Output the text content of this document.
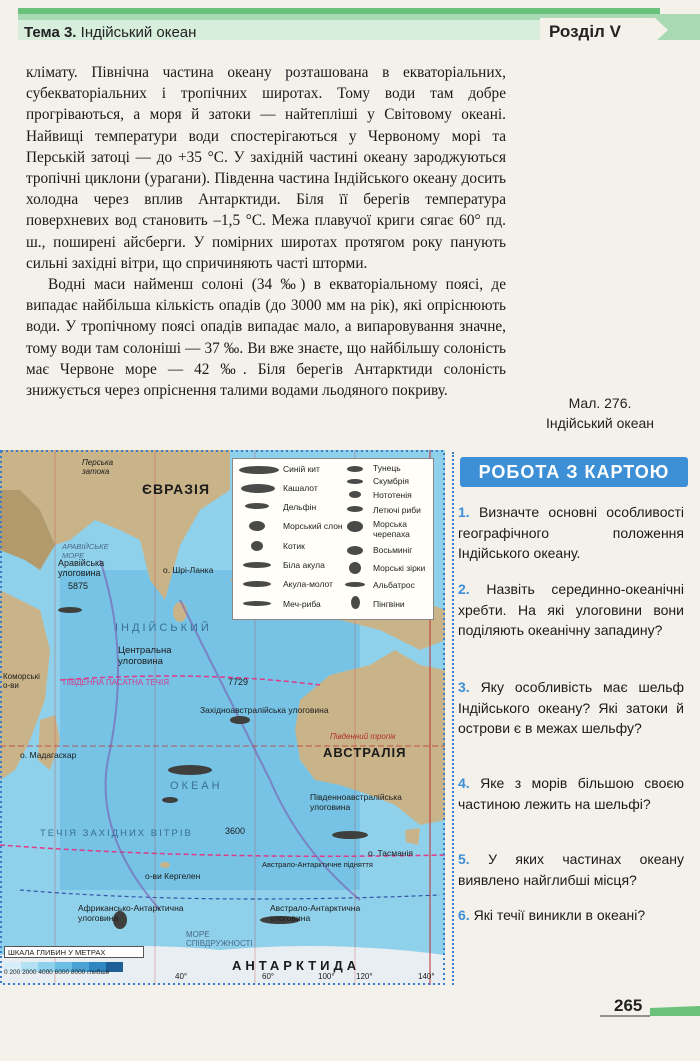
Тема 3. Індійський океан	Розділ V

клімату. Північна частина океану розташована в екваторіальних, субекваторіальних і тропічних широтах. Тому води там добре прогріваються, а моря й затоки — найтепліші у Світовому океані. Найвищі температури води спостерігаються у Червоному морі та Перській затоці — до +35 °С. У західній частині океану зароджуються тропічні циклони (урагани). Південна частина Індійського океану досить холодна через вплив Антарктиди. Біля її берегів температура поверхневих вод становить –1,5 °С. Межа плавучої криги сягає 60° пд. ш., поширені айсберги. У помірних широтах протягом року панують сильні західні вітри, що спричиняють часті шторми.

Водні маси найменш солоні (34 ‰) в екваторіальному поясі, де випадає найбільша кількість опадів (до 3000 мм на рік), які опріснюють води. У тропічному поясі опадів випадає мало, а випаровування значне, тому води там солоніші — 37 ‰. Ви вже знаєте, що найбільшу солоність має Червоне море — 42 ‰. Біля берегів Антарктиди солоність знижується через опріснення талими водами льодяного покриву.

Мал. 276.
Індійський океан
ЄВРАЗІЯ
Перська затока
АРАВІЙСЬКЕ МОРЕ
Аравійська улоговина
5875
о. Шрі-Ланка
Центральна улоговина
ІНДІЙСЬКИЙ
ПІВДЕННА ПАСАТНА ТЕЧІЯ	7729
Західноавстралійська улоговина
Коморські о-ви
о. Мадагаскар
ОКЕАН
Південний тропік
АВСТРАЛІЯ
Південноавстралійська улоговина
3600
о. Тасманія
ТЕЧІЯ ЗАХІДНИХ ВІТРІВ
о-ви Кергелен
Африкансько-Антарктична улоговина
Австрало-Антарктична улоговина
Австрало-Антарктичне підняття
МОРЕ СПІВДРУЖНОСТІ
АНТАРКТИДА
40°	60°	100°	120°	140°
Синій кит
Кашалот
Дельфін
Морський слон
Котик
Біла акула
Акула-молот
Меч-риба
Тунець
Скумбрія
Нототенія
Летючі риби
Морська черепаха
Восьминіг
Морські зірки
Альбатрос
Пінгвіни
ШКАЛА ГЛИБИН У МЕТРАХ
0 200 2000 4000 6000 8000 глибше
РОБОТА З КАРТОЮ
1. Визначте основні особливості географічного положення Індійського океану.
2. Назвіть серединно-океанічні хребти. На які улоговини вони поділяють океанічну западину?
3. Яку особливість має шельф Індійського океану? Які затоки й острови є в межах шельфу?
4. Яке з морів більшою своєю частиною лежить на шельфі?
5. У яких частинах океану виявлено найглибші місця?
6. Які течії виникли в океані?
265
